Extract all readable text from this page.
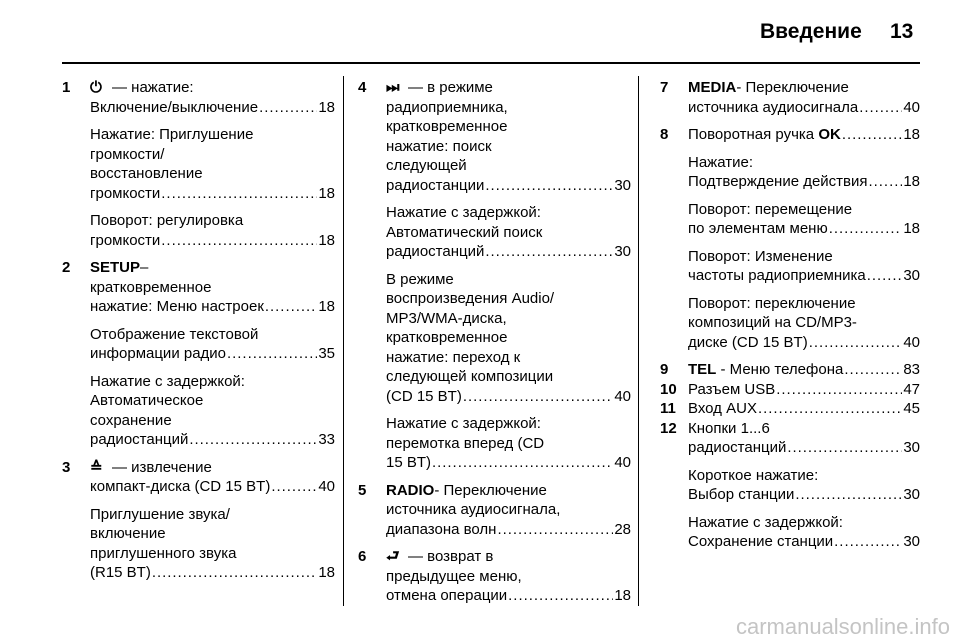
Введение 13
1 ⏻ — нажатие:
Включение/выключение . . .	18
Нажатие: Приглушение
громкости/
восстановление
громкости . . .	18
Поворот: регулировка
громкости . . .	18
2 SETUP –
кратковременное
нажатие: Меню настроек . . .	18
Отображение текстовой
информации радио . . .	35
Нажатие с задержкой:
Автоматическое
сохранение
радиостанций . . .	33
3 ≙ — извлечение
компакт-диска (CD 15 BT) . . .	40
Приглушение звука/
включение
приглушенного звука
(R15 BT) . . .	18
4 ⏭ — в режиме
радиоприемника,
кратковременное
нажатие: поиск
следующей
радиостанции . . .	30
Нажатие с задержкой:
Автоматический поиск
радиостанций . . .	30
В режиме
воспроизведения Audio/
MP3/WMA-диска,
кратковременное
нажатие: переход к
следующей композиции
(CD 15 BT) . . .	40
Нажатие с задержкой:
перемотка вперед (CD
15 BT) . . .	40
5 RADIO - Переключение
источника аудиосигнала,
диапазона волн . . .	28
6 ⮐ — возврат в
предыдущее меню,
отмена операции . . .	18
7 MEDIA - Переключение
источника аудиосигнала . . .	40
8 Поворотная ручка OK . . .	18
Нажатие:
Подтверждение действия . . . 18
Поворот: перемещение
по элементам меню . . .	18
Поворот: Изменение
частоты радиоприемника . . .	30
Поворот: переключение
композиций на CD/MP3-
диске (CD 15 BT) . . .	40
9 TEL - Меню телефона . . .	83
10 Разъем USB . . .	47
11 Вход AUX . . .	45
12 Кнопки 1...6
радиостанций . . .	30
Короткое нажатие:
Выбор станции . . .	30
Нажатие с задержкой:
Сохранение станции . . .	30
carmanualsonline.info
